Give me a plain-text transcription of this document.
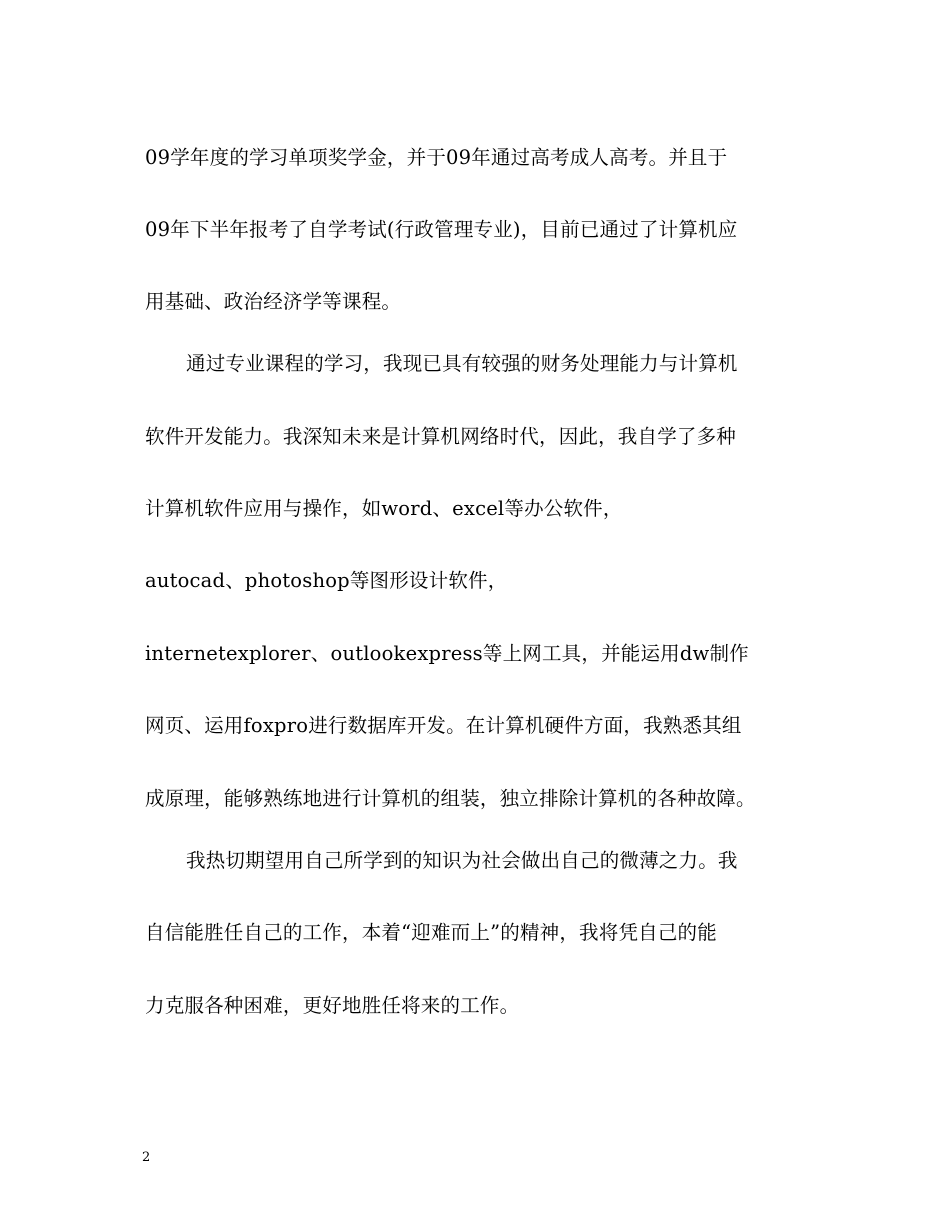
09学年度的学习单项奖学金，并于09年通过高考成人高考。并且于
09年下半年报考了自学考试(行政管理专业)，目前已通过了计算机应
用基础、政治经济学等课程。
通过专业课程的学习，我现已具有较强的财务处理能力与计算机
软件开发能力。我深知未来是计算机网络时代，因此，我自学了多种
计算机软件应用与操作，如word、excel等办公软件，
autocad、photoshop等图形设计软件，
internetexplorer、outlookexpress等上网工具，并能运用dw制作
网页、运用foxpro进行数据库开发。在计算机硬件方面，我熟悉其组
成原理，能够熟练地进行计算机的组装，独立排除计算机的各种故障。
我热切期望用自己所学到的知识为社会做出自己的微薄之力。我
自信能胜任自己的工作，本着“迎难而上”的精神，我将凭自己的能
力克服各种困难，更好地胜任将来的工作。
2
